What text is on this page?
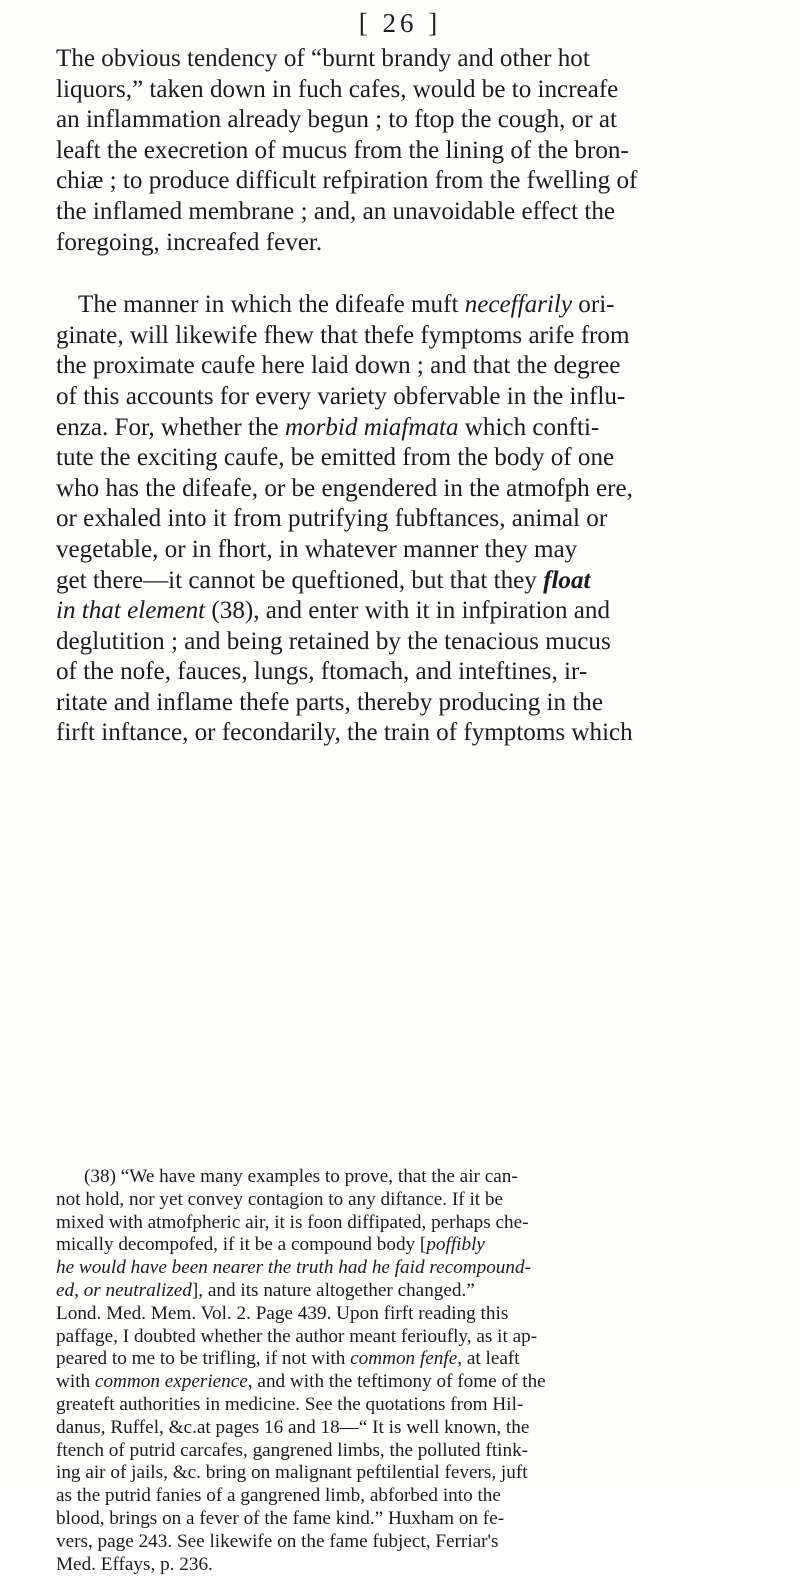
[ 26 ]
The obvious tendency of “burnt brandy and other hot
liquors,” taken down in fuch cafes, would be to increafe
an inflammation already begun ; to ftop the cough, or at
leaft the execretion of mucus from the lining of the bron-
chiæ ; to produce difficult refpiration from the fwelling of
the inflamed membrane ; and, an unavoidable effect the
foregoing, increafed fever.
The manner in which the difeafe muft neceffarily ori-
ginate, will likewife fhew that thefe fymptoms arife from
the proximate caufe here laid down ; and that the degree
of this accounts for every variety obfervable in the influ-
enza. For, whether the morbid miafmata which confti-
tute the exciting caufe, be emitted from the body of one
who has the difeafe, or be engendered in the atmofph ere,
or exhaled into it from putrifying fubftances, animal or
vegetable, or in fhort, in whatever manner they may
get there—it cannot be queftioned, but that they float
in that element (38), and enter with it in infpiration and
deglutition ; and being retained by the tenacious mucus
of the nofe, fauces, lungs, ftomach, and inteftines, ir-
ritate and inflame thefe parts, thereby producing in the
firft inftance, or fecondarily, the train of fymptoms which
(38) “We have many examples to prove, that the air can-
not hold, nor yet convey contagion to any diftance. If it be
mixed with atmofpheric air, it is foon diffipated, perhaps che-
mically decompofed, if it be a compound body [poffibly
he would have been nearer the truth had he faid recompound-
ed, or neutralized], and its nature altogether changed.”
Lond. Med. Mem. Vol. 2. Page 439. Upon firft reading this
paffage, I doubted whether the author meant ferioufly, as it ap-
peared to me to be trifling, if not with common fenfe, at leaft
with common experience, and with the teftimony of fome of the
greateft authorities in medicine. See the quotations from Hil-
danus, Ruffel, &c.at pages 16 and 18—“ It is well known, the
ftench of putrid carcafes, gangrened limbs, the polluted ftink-
ing air of jails, &c. bring on malignant peftilential fevers, juft
as the putrid fanies of a gangrened limb, abforbed into the
blood, brings on a fever of the fame kind.” Huxham on fe-
vers, page 243. See likewife on the fame fubject, Ferriar's
Med. Effays, p. 236.
